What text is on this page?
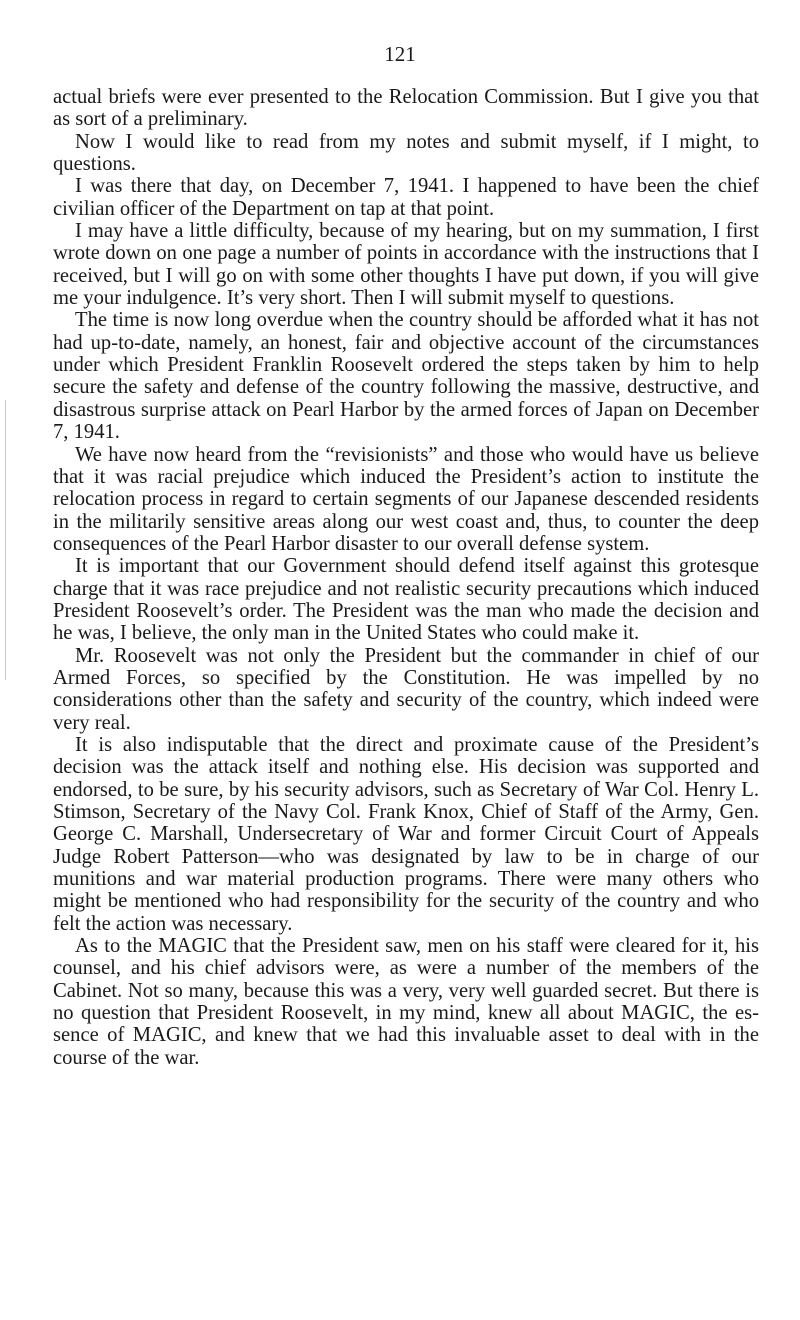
121

actual briefs were ever presented to the Relocation Commission. But I give you that as sort of a preliminary.

Now I would like to read from my notes and submit myself, if I might, to questions.

I was there that day, on December 7, 1941. I happened to have been the chief civilian officer of the Department on tap at that point.

I may have a little difficulty, because of my hearing, but on my summation, I first wrote down on one page a number of points in accordance with the instructions that I received, but I will go on with some other thoughts I have put down, if you will give me your indulgence. It’s very short. Then I will submit myself to questions.

The time is now long overdue when the country should be afforded what it has not had up-to-date, namely, an honest, fair and objective account of the circumstances under which President Franklin Roosevelt ordered the steps taken by him to help secure the safety and defense of the country following the massive, destructive, and disastrous surprise attack on Pearl Harbor by the armed forces of Japan on December 7, 1941.

We have now heard from the “revisionists” and those who would have us believe that it was racial prejudice which induced the President’s action to institute the relocation process in regard to certain segments of our Japanese descended residents in the militarily sensitive areas along our west coast and, thus, to counter the deep consequences of the Pearl Harbor disaster to our overall defense system.

It is important that our Government should defend itself against this grotesque charge that it was race prejudice and not realistic security precautions which induced President Roosevelt’s order. The President was the man who made the decision and he was, I believe, the only man in the United States who could make it.

Mr. Roosevelt was not only the President but the commander in chief of our Armed Forces, so specified by the Constitution. He was impelled by no considerations other than the safety and security of the country, which indeed were very real.

It is also indisputable that the direct and proximate cause of the President’s decision was the attack itself and nothing else. His decision was supported and endorsed, to be sure, by his security advisors, such as Secretary of War Col. Henry L. Stimson, Secretary of the Navy Col. Frank Knox, Chief of Staff of the Army, Gen. George C. Marshall, Undersecretary of War and former Circuit Court of Appeals Judge Robert Patterson—who was designated by law to be in charge of our munitions and war material production programs. There were many others who might be mentioned who had responsibility for the security of the country and who felt the action was necessary.

As to the MAGIC that the President saw, men on his staff were cleared for it, his counsel, and his chief advisors were, as were a number of the members of the Cabinet. Not so many, because this was a very, very well guarded secret. But there is no question that President Roosevelt, in my mind, knew all about MAGIC, the essence of MAGIC, and knew that we had this invaluable asset to deal with in the course of the war.
